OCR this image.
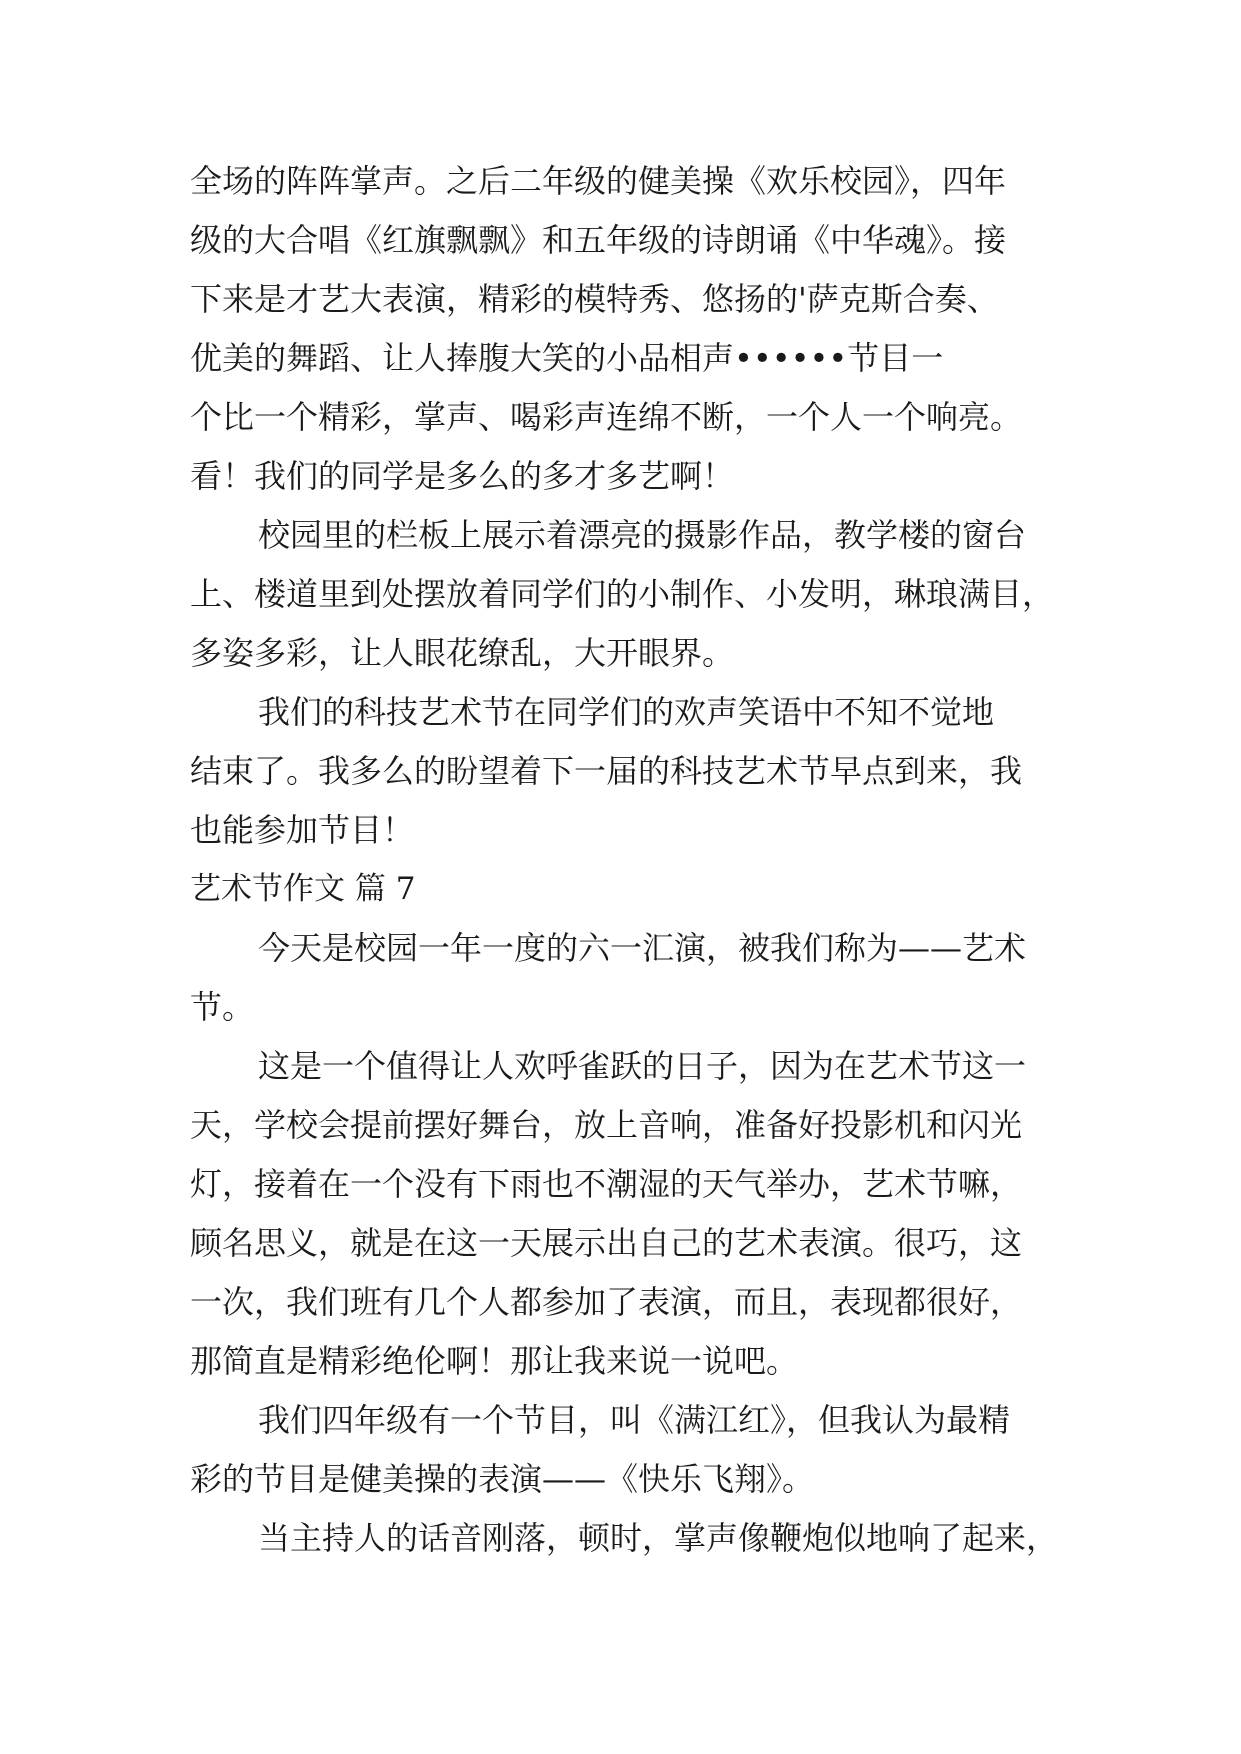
全场的阵阵掌声。之后二年级的健美操《欢乐校园》，四年
级的大合唱《红旗飘飘》和五年级的诗朗诵《中华魂》。接
下来是才艺大表演，精彩的模特秀、悠扬的'萨克斯合奏、
优美的舞蹈、让人捧腹大笑的小品相声••••••节目一
个比一个精彩，掌声、喝彩声连绵不断，一个人一个响亮。
看！我们的同学是多么的多才多艺啊！
校园里的栏板上展示着漂亮的摄影作品，教学楼的窗台
上、楼道里到处摆放着同学们的小制作、小发明，琳琅满目，
多姿多彩，让人眼花缭乱，大开眼界。
我们的科技艺术节在同学们的欢声笑语中不知不觉地
结束了。我多么的盼望着下一届的科技艺术节早点到来，我
也能参加节目！
艺术节作文 篇 7
今天是校园一年一度的六一汇演，被我们称为——艺术
节。
这是一个值得让人欢呼雀跃的日子，因为在艺术节这一
天，学校会提前摆好舞台，放上音响，准备好投影机和闪光
灯，接着在一个没有下雨也不潮湿的天气举办，艺术节嘛，
顾名思义，就是在这一天展示出自己的艺术表演。很巧，这
一次，我们班有几个人都参加了表演，而且，表现都很好，
那简直是精彩绝伦啊！那让我来说一说吧。
我们四年级有一个节目，叫《满江红》，但我认为最精
彩的节目是健美操的表演——《快乐飞翔》。
当主持人的话音刚落，顿时，掌声像鞭炮似地响了起来，
